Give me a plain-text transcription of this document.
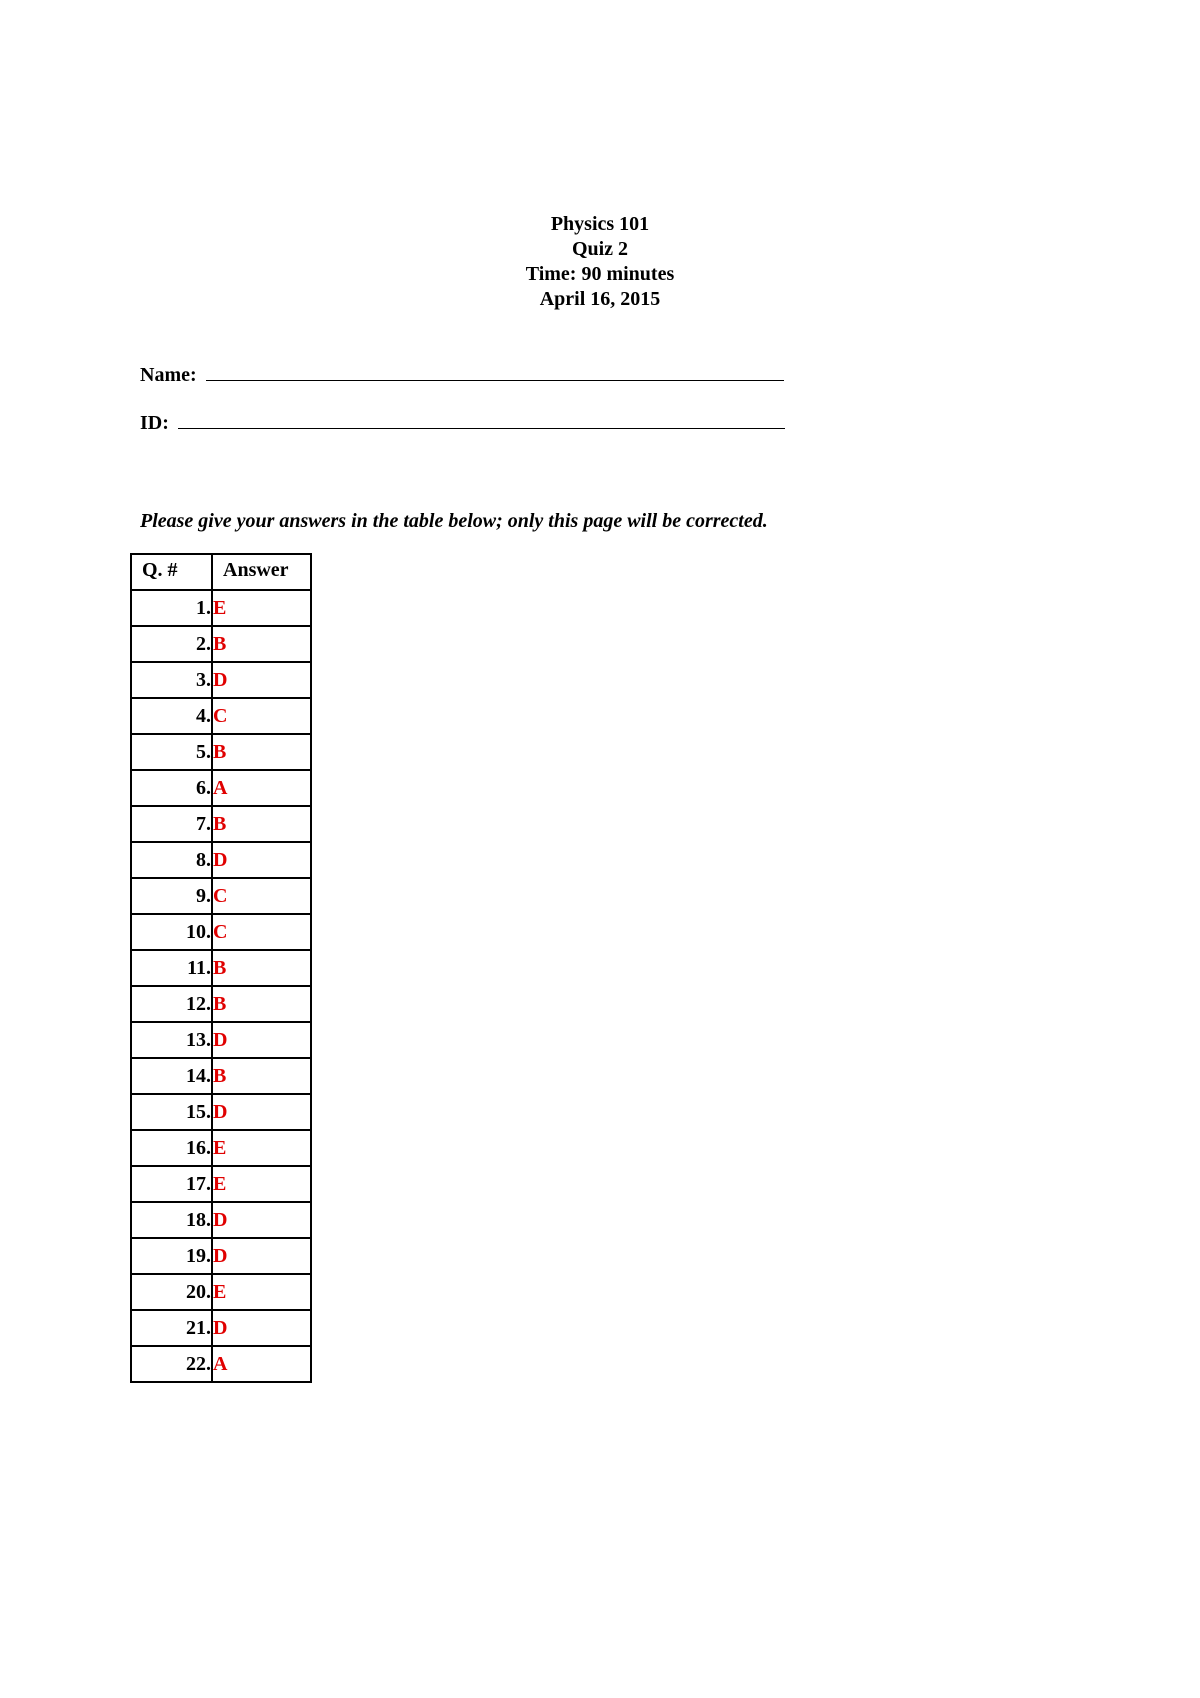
Physics 101
Quiz 2
Time: 90 minutes
April 16, 2015
Name:
ID:
Please give your answers in the table below; only this page will be corrected.
Q. #	Answer
1.	E
2.	B
3.	D
4.	C
5.	B
6.	A
7.	B
8.	D
9.	C
10.	C
11.	B
12.	B
13.	D
14.	B
15.	D
16.	E
17.	E
18.	D
19.	D
20.	E
21.	D
22.	A
